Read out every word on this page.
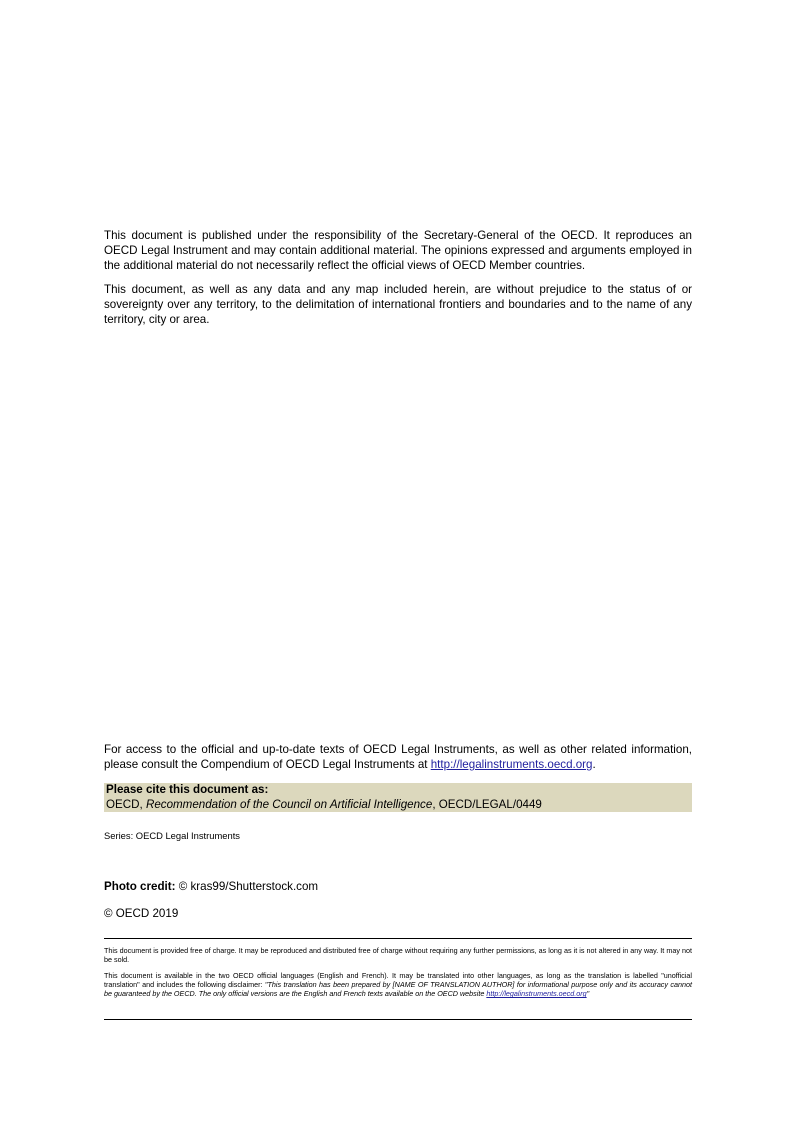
This document is published under the responsibility of the Secretary-General of the OECD. It reproduces an OECD Legal Instrument and may contain additional material. The opinions expressed and arguments employed in the additional material do not necessarily reflect the official views of OECD Member countries.

This document, as well as any data and any map included herein, are without prejudice to the status of or sovereignty over any territory, to the delimitation of international frontiers and boundaries and to the name of any territory, city or area.

For access to the official and up-to-date texts of OECD Legal Instruments, as well as other related information, please consult the Compendium of OECD Legal Instruments at http://legalinstruments.oecd.org.

Please cite this document as:
OECD, Recommendation of the Council on Artificial Intelligence, OECD/LEGAL/0449
Series: OECD Legal Instruments
Photo credit: © kras99/Shutterstock.com
© OECD 2019

This document is provided free of charge. It may be reproduced and distributed free of charge without requiring any further permissions, as long as it is not altered in any way. It may not be sold.

This document is available in the two OECD official languages (English and French). It may be translated into other languages, as long as the translation is labelled "unofficial translation" and includes the following disclaimer: "This translation has been prepared by [NAME OF TRANSLATION AUTHOR] for informational purpose only and its accuracy cannot be guaranteed by the OECD. The only official versions are the English and French texts available on the OECD website http://legalinstruments.oecd.org"
